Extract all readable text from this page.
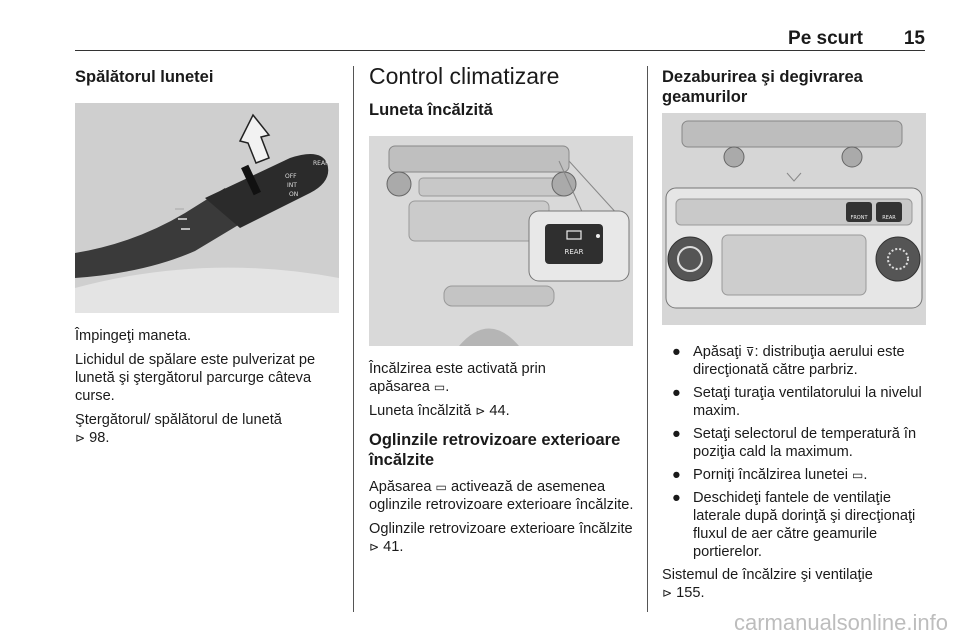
Pe scurt 15
Spălătorul lunetei
OFF
INT
ON
REAR

Împingeţi maneta.

Lichidul de spălare este pulverizat pe lunetă şi ştergătorul parcurge câteva curse.

Ştergătorul/ spălătorul de lunetă
⊳ 98.

Control climatizare
Luneta încălzită
REAR

Încălzirea este activată prin
apăsarea ▭.

Luneta încălzită ⊳ 44.

Oglinzile retrovizoare exterioare încălzite

Apăsarea ▭ activează de asemenea oglinzile retrovizoare exterioare încălzite.

Oglinzile retrovizoare exterioare încălzite ⊳ 41.

Dezaburirea şi degivrarea geamurilor
FRONT	REAR
● Apăsaţi ⊽: distribuţia aerului este direcţionată către parbriz.
● Setaţi turaţia ventilatorului la nivelul maxim.
● Setaţi selectorul de temperatură în poziţia cald la maximum.
● Porniţi încălzirea lunetei ▭.
● Deschideţi fantele de ventilaţie laterale după dorinţă şi direcţionaţi fluxul de aer către geamurile portierelor.

Sistemul de încălzire şi ventilaţie
⊳ 155.

carmanualsonline.info
